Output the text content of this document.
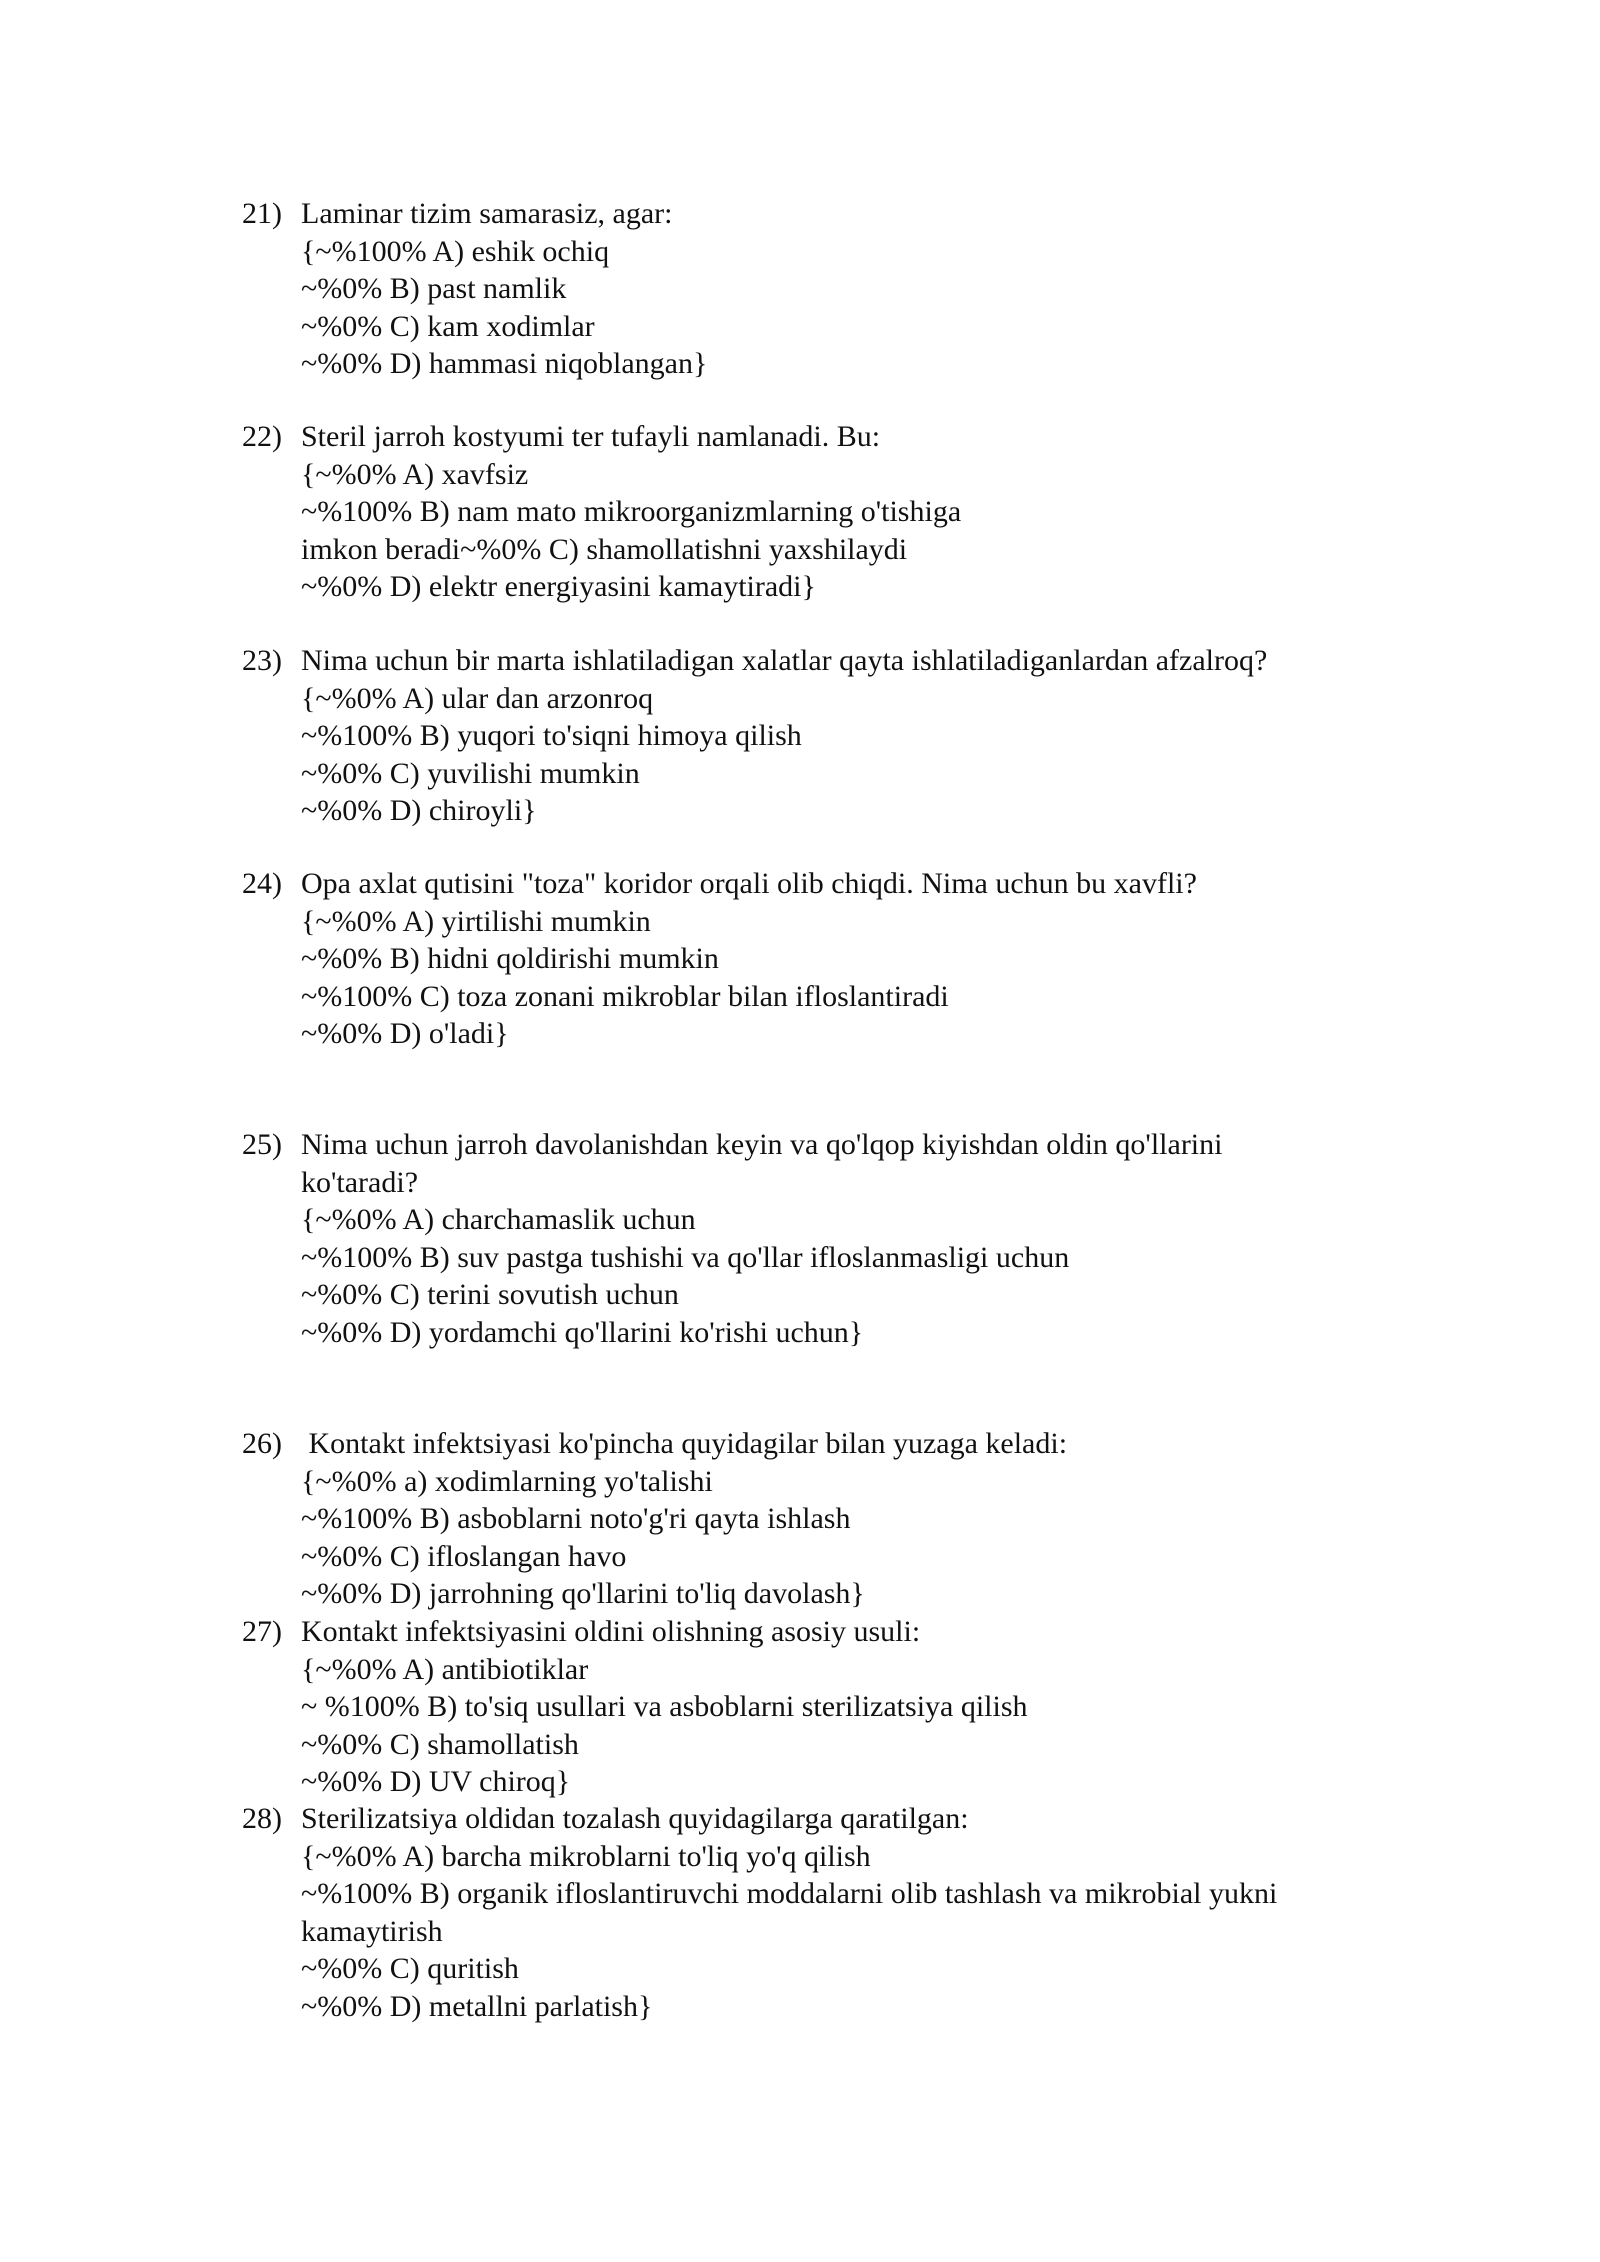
21) Laminar tizim samarasiz, agar:
{~%100% A) eshik ochiq
~%0% B) past namlik
~%0% C) kam xodimlar
~%0% D) hammasi niqoblangan}
22) Steril jarroh kostyumi ter tufayli namlanadi. Bu:
{~%0% A) xavfsiz
~%100% B) nam mato mikroorganizmlarning o'tishiga
imkon beradi~%0% C) shamollatishni yaxshilaydi
~%0% D) elektr energiyasini kamaytiradi}
23) Nima uchun bir marta ishlatiladigan xalatlar qayta ishlatiladiganlardan afzalroq?
{~%0% A) ular dan arzonroq
~%100% B) yuqori to'siqni himoya qilish
~%0% C) yuvilishi mumkin
~%0% D) chiroyli}
24) Opa axlat qutisini "toza" koridor orqali olib chiqdi. Nima uchun bu xavfli?
{~%0% A) yirtilishi mumkin
~%0% B) hidni qoldirishi mumkin
~%100% C) toza zonani mikroblar bilan ifloslantiradi
~%0% D) o'ladi}
25) Nima uchun jarroh davolanishdan keyin va qo'lqop kiyishdan oldin qo'llarini
ko'taradi?
{~%0% A) charchamaslik uchun
~%100% B) suv pastga tushishi va qo'llar ifloslanmasligi uchun
~%0% C) terini sovutish uchun
~%0% D) yordamchi qo'llarini ko'rishi uchun}
26) Kontakt infektsiyasi ko'pincha quyidagilar bilan yuzaga keladi:
{~%0% a) xodimlarning yo'talishi
~%100% B) asboblarni noto'g'ri qayta ishlash
~%0% C) ifloslangan havo
~%0% D) jarrohning qo'llarini to'liq davolash}
27) Kontakt infektsiyasini oldini olishning asosiy usuli:
{~%0% A) antibiotiklar
~ %100% B) to'siq usullari va asboblarni sterilizatsiya qilish
~%0% C) shamollatish
~%0% D) UV chiroq}
28) Sterilizatsiya oldidan tozalash quyidagilarga qaratilgan:
{~%0% A) barcha mikroblarni to'liq yo'q qilish
~%100% B) organik ifloslantiruvchi moddalarni olib tashlash va mikrobial yukni
kamaytirish
~%0% C) quritish
~%0% D) metallni parlatish}
